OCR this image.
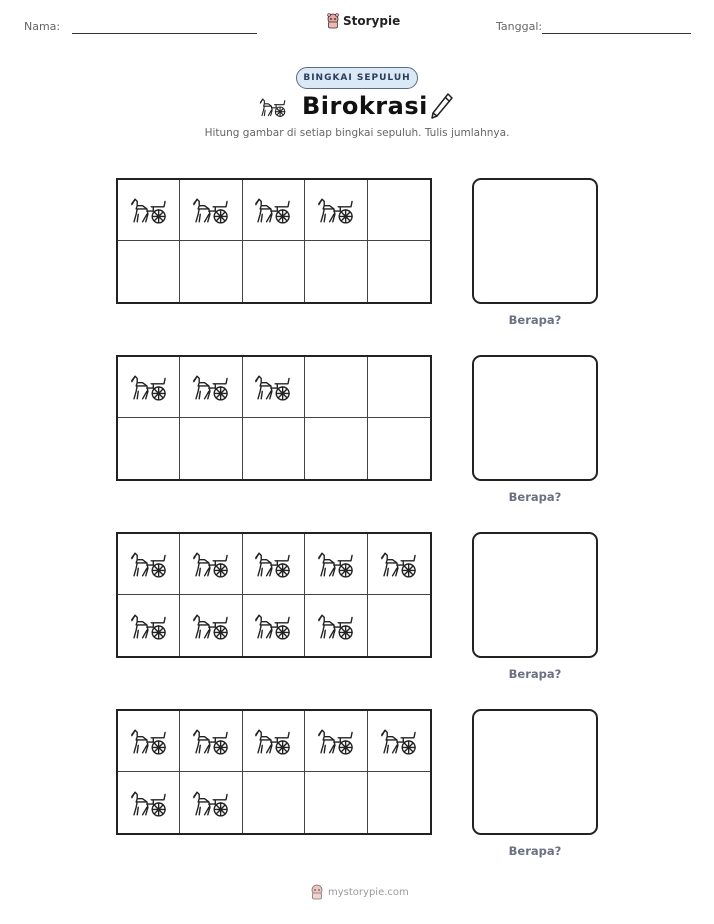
Nama:	Storypie	Tanggal:
BINGKAI SEPULUH
Birokrasi
Hitung gambar di setiap bingkai sepuluh. Tulis jumlahnya.
Berapa?
Berapa?
Berapa?
Berapa?
mystorypie.com
